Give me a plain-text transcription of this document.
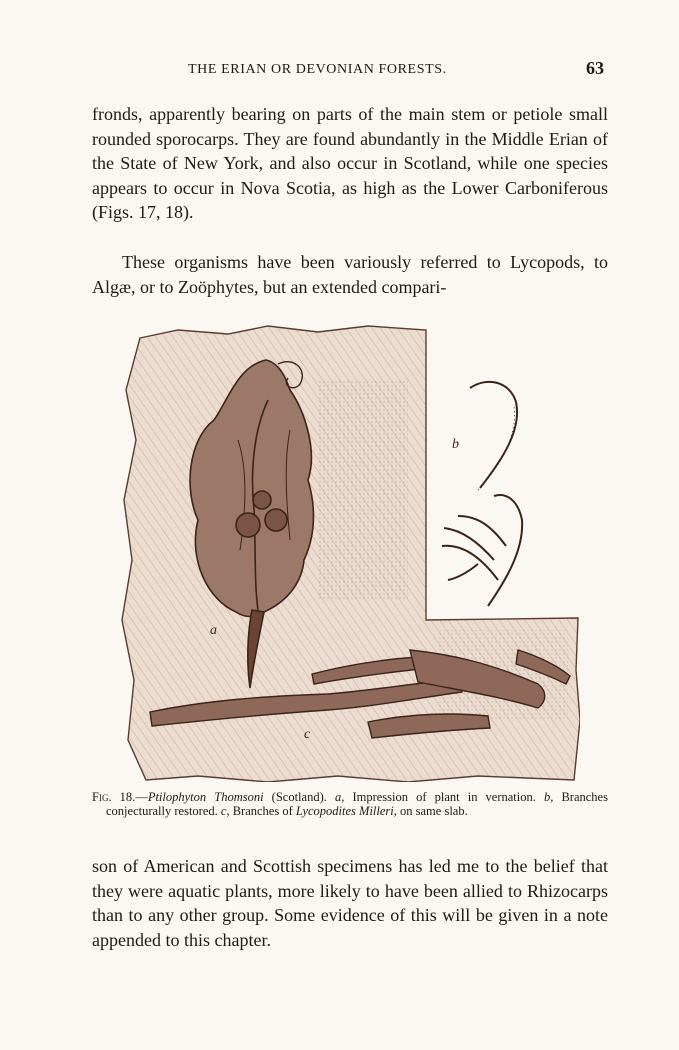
THE ERIAN OR DEVONIAN FORESTS.	63

fronds, apparently bearing on parts of the main stem or petiole small rounded sporocarps. They are found abundantly in the Middle Erian of the State of New York, and also occur in Scotland, while one species appears to occur in Nova Scotia, as high as the Lower Carboniferous (Figs. 17, 18).

These organisms have been variously referred to Lycopods, to Algæ, or to Zoöphytes, but an extended compari-

a
b
c
Fig. 18.—Ptilophyton Thomsoni (Scotland). a, Impression of plant in vernation. b, Branches conjecturally restored. c, Branches of Lycopodites Milleri, on same slab.

son of American and Scottish specimens has led me to the belief that they were aquatic plants, more likely to have been allied to Rhizocarps than to any other group. Some evidence of this will be given in a note appended to this chapter.
